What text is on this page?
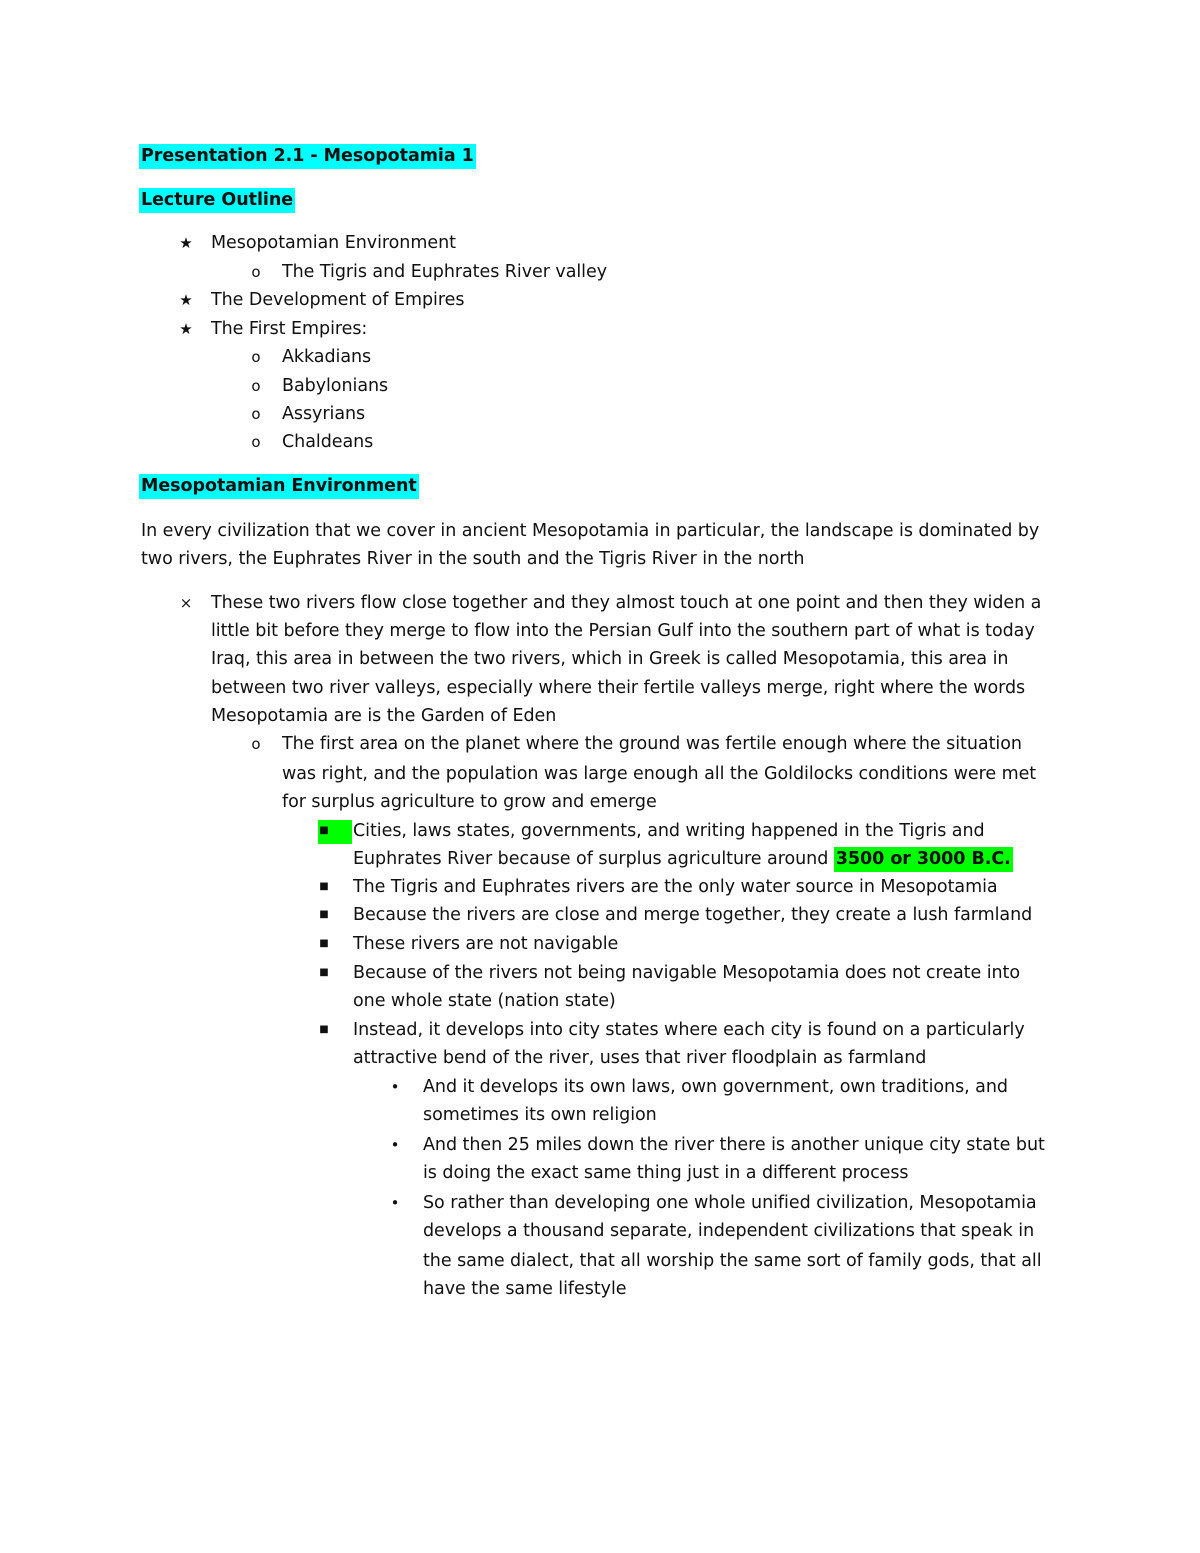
Presentation 2.1 - Mesopotamia 1
Lecture Outline
★	Mesopotamian Environment
o	The Tigris and Euphrates River valley
★	The Development of Empires
★	The First Empires:
o	Akkadians
o	Babylonians
o	Assyrians
o	Chaldeans
Mesopotamian Environment
In every civilization that we cover in ancient Mesopotamia in particular, the landscape is dominated by
two rivers, the Euphrates River in the south and the Tigris River in the north
×	These two rivers flow close together and they almost touch at one point and then they widen a
little bit before they merge to flow into the Persian Gulf into the southern part of what is today
Iraq, this area in between the two rivers, which in Greek is called Mesopotamia, this area in
between two river valleys, especially where their fertile valleys merge, right where the words
Mesopotamia are is the Garden of Eden
o	The first area on the planet where the ground was fertile enough where the situation
was right, and the population was large enough all the Goldilocks conditions were met
for surplus agriculture to grow and emerge
■	Cities, laws states, governments, and writing happened in the Tigris and
Euphrates River because of surplus agriculture around 3500 or 3000 B.C.
■	The Tigris and Euphrates rivers are the only water source in Mesopotamia
■	Because the rivers are close and merge together, they create a lush farmland
■	These rivers are not navigable
■	Because of the rivers not being navigable Mesopotamia does not create into
one whole state (nation state)
■	Instead, it develops into city states where each city is found on a particularly
attractive bend of the river, uses that river floodplain as farmland
•	And it develops its own laws, own government, own traditions, and
sometimes its own religion
•	And then 25 miles down the river there is another unique city state but
is doing the exact same thing just in a different process
•	So rather than developing one whole unified civilization, Mesopotamia
develops a thousand separate, independent civilizations that speak in
the same dialect, that all worship the same sort of family gods, that all
have the same lifestyle
